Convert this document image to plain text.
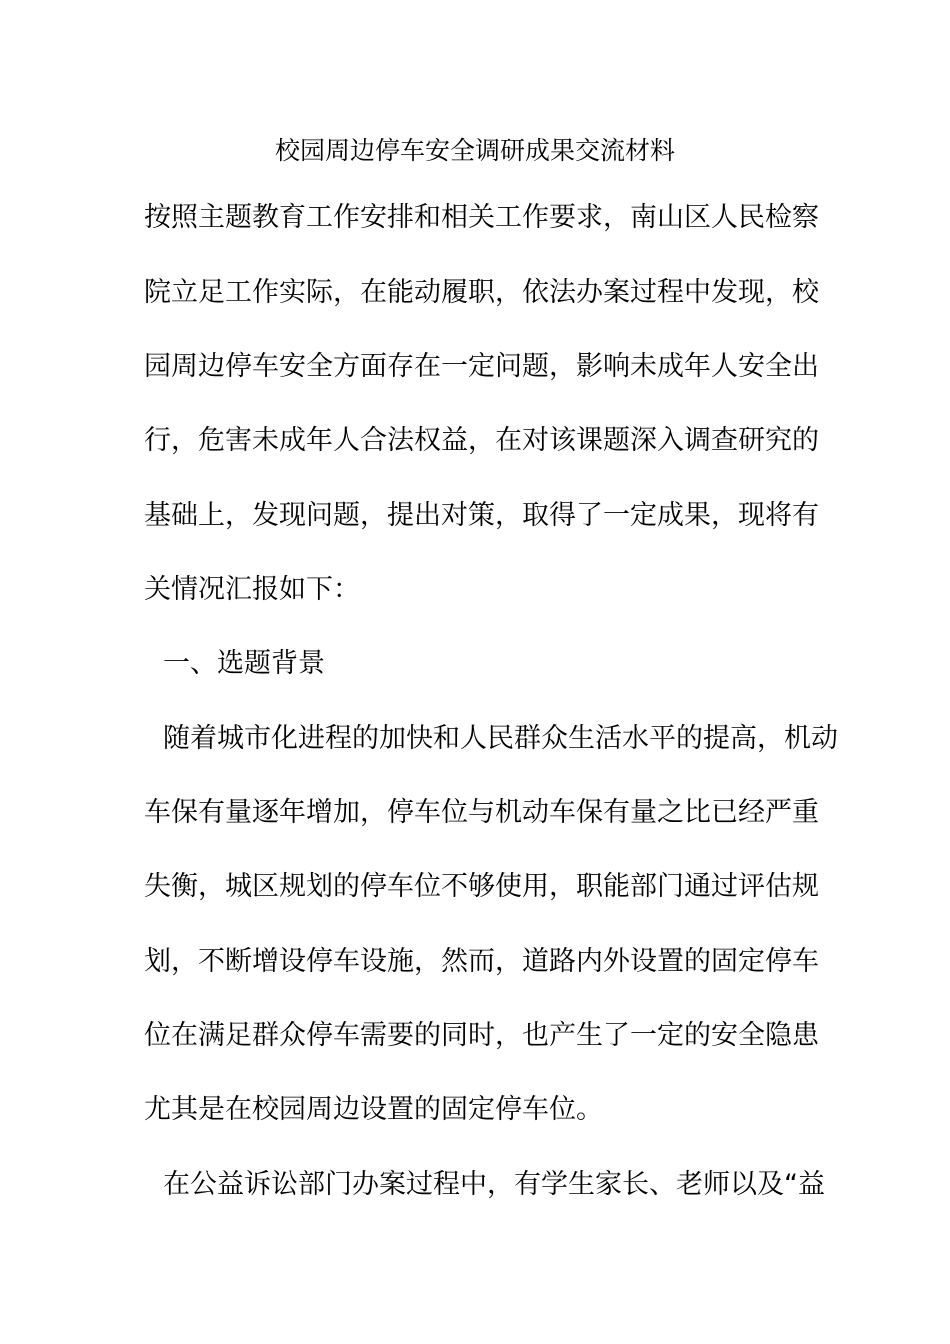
校园周边停车安全调研成果交流材料
按照主题教育工作安排和相关工作要求，南山区人民检察
院立足工作实际，在能动履职，依法办案过程中发现，校
园周边停车安全方面存在一定问题，影响未成年人安全出
行，危害未成年人合法权益，在对该课题深入调查研究的
基础上，发现问题，提出对策，取得了一定成果，现将有
关情况汇报如下：
一、选题背景
随着城市化进程的加快和人民群众生活水平的提高，机动
车保有量逐年增加，停车位与机动车保有量之比已经严重
失衡，城区规划的停车位不够使用，职能部门通过评估规
划，不断增设停车设施，然而，道路内外设置的固定停车
位在满足群众停车需要的同时，也产生了一定的安全隐患
尤其是在校园周边设置的固定停车位。
在公益诉讼部门办案过程中，有学生家长、老师以及“益
